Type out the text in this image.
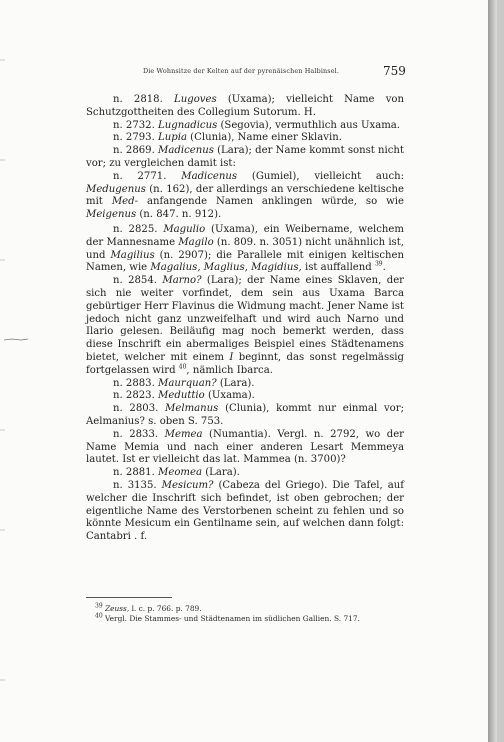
Die Wohnsitze der Kelten auf der pyrenäischen Halbinsel.	759

n. 2818. Lugoves (Uxama); vielleicht Name von Schutzgottheiten des Collegium Sutorum. H.

n. 2732. Lugnadicus (Segovia), vermuthlich aus Uxama.

n. 2793. Lupia (Clunia), Name einer Sklavin.

n. 2869. Madicenus (Lara); der Name kommt sonst nicht vor; zu vergleichen damit ist:

n. 2771. Madicenus (Gumiel), vielleicht auch: Medugenus (n. 162), der allerdings an verschiedene keltische mit Med- anfangende Namen anklingen würde, so wie Meigenus (n. 847. n. 912).

n. 2825. Magulio (Uxama), ein Weibername, welchem der Mannesname Magilo (n. 809. n. 3051) nicht unähnlich ist, und Magilius (n. 2907); die Parallele mit einigen keltischen Namen, wie Magalius, Maglius, Magidius, ist auffallend $^{39}$.

n. 2854. Marno? (Lara); der Name eines Sklaven, der sich nie weiter vorfindet, dem sein aus Uxama Barca gebürtiger Herr Flavinus die Widmung macht. Jener Name ist jedoch nicht ganz unzweifelhaft und wird auch Narno und Ilario gelesen. Beiläufig mag noch bemerkt werden, dass diese Inschrift ein abermaliges Beispiel eines Städtenamens bietet, welcher mit einem I beginnt, das sonst regelmässig fortgelassen wird $^{40}$, nämlich Ibarca.

n. 2883. Maurquan? (Lara).

n. 2823. Meduttio (Uxama).

n. 2803. Melmanus (Clunia), kommt nur einmal vor; Aelmanius? s. oben S. 753.

n. 2833. Memea (Numantia). Vergl. n. 2792, wo der Name Memia und nach einer anderen Lesart Memmeya lautet. Ist er vielleicht das lat. Mammea (n. 3700)?

n. 2881. Meomea (Lara).

n. 3135. Mesicum? (Cabeza del Griego). Die Tafel, auf welcher die Inschrift sich befindet, ist oben gebrochen; der eigentliche Name des Verstorbenen scheint zu fehlen und so könnte Mesicum ein Gentilname sein, auf welchen dann folgt: Cantabri . f.

$^{39}$ Zeuss, l. c. p. 766. p. 789.

$^{40}$ Vergl. Die Stammes- und Städtenamen im südlichen Gallien. S. 717.
